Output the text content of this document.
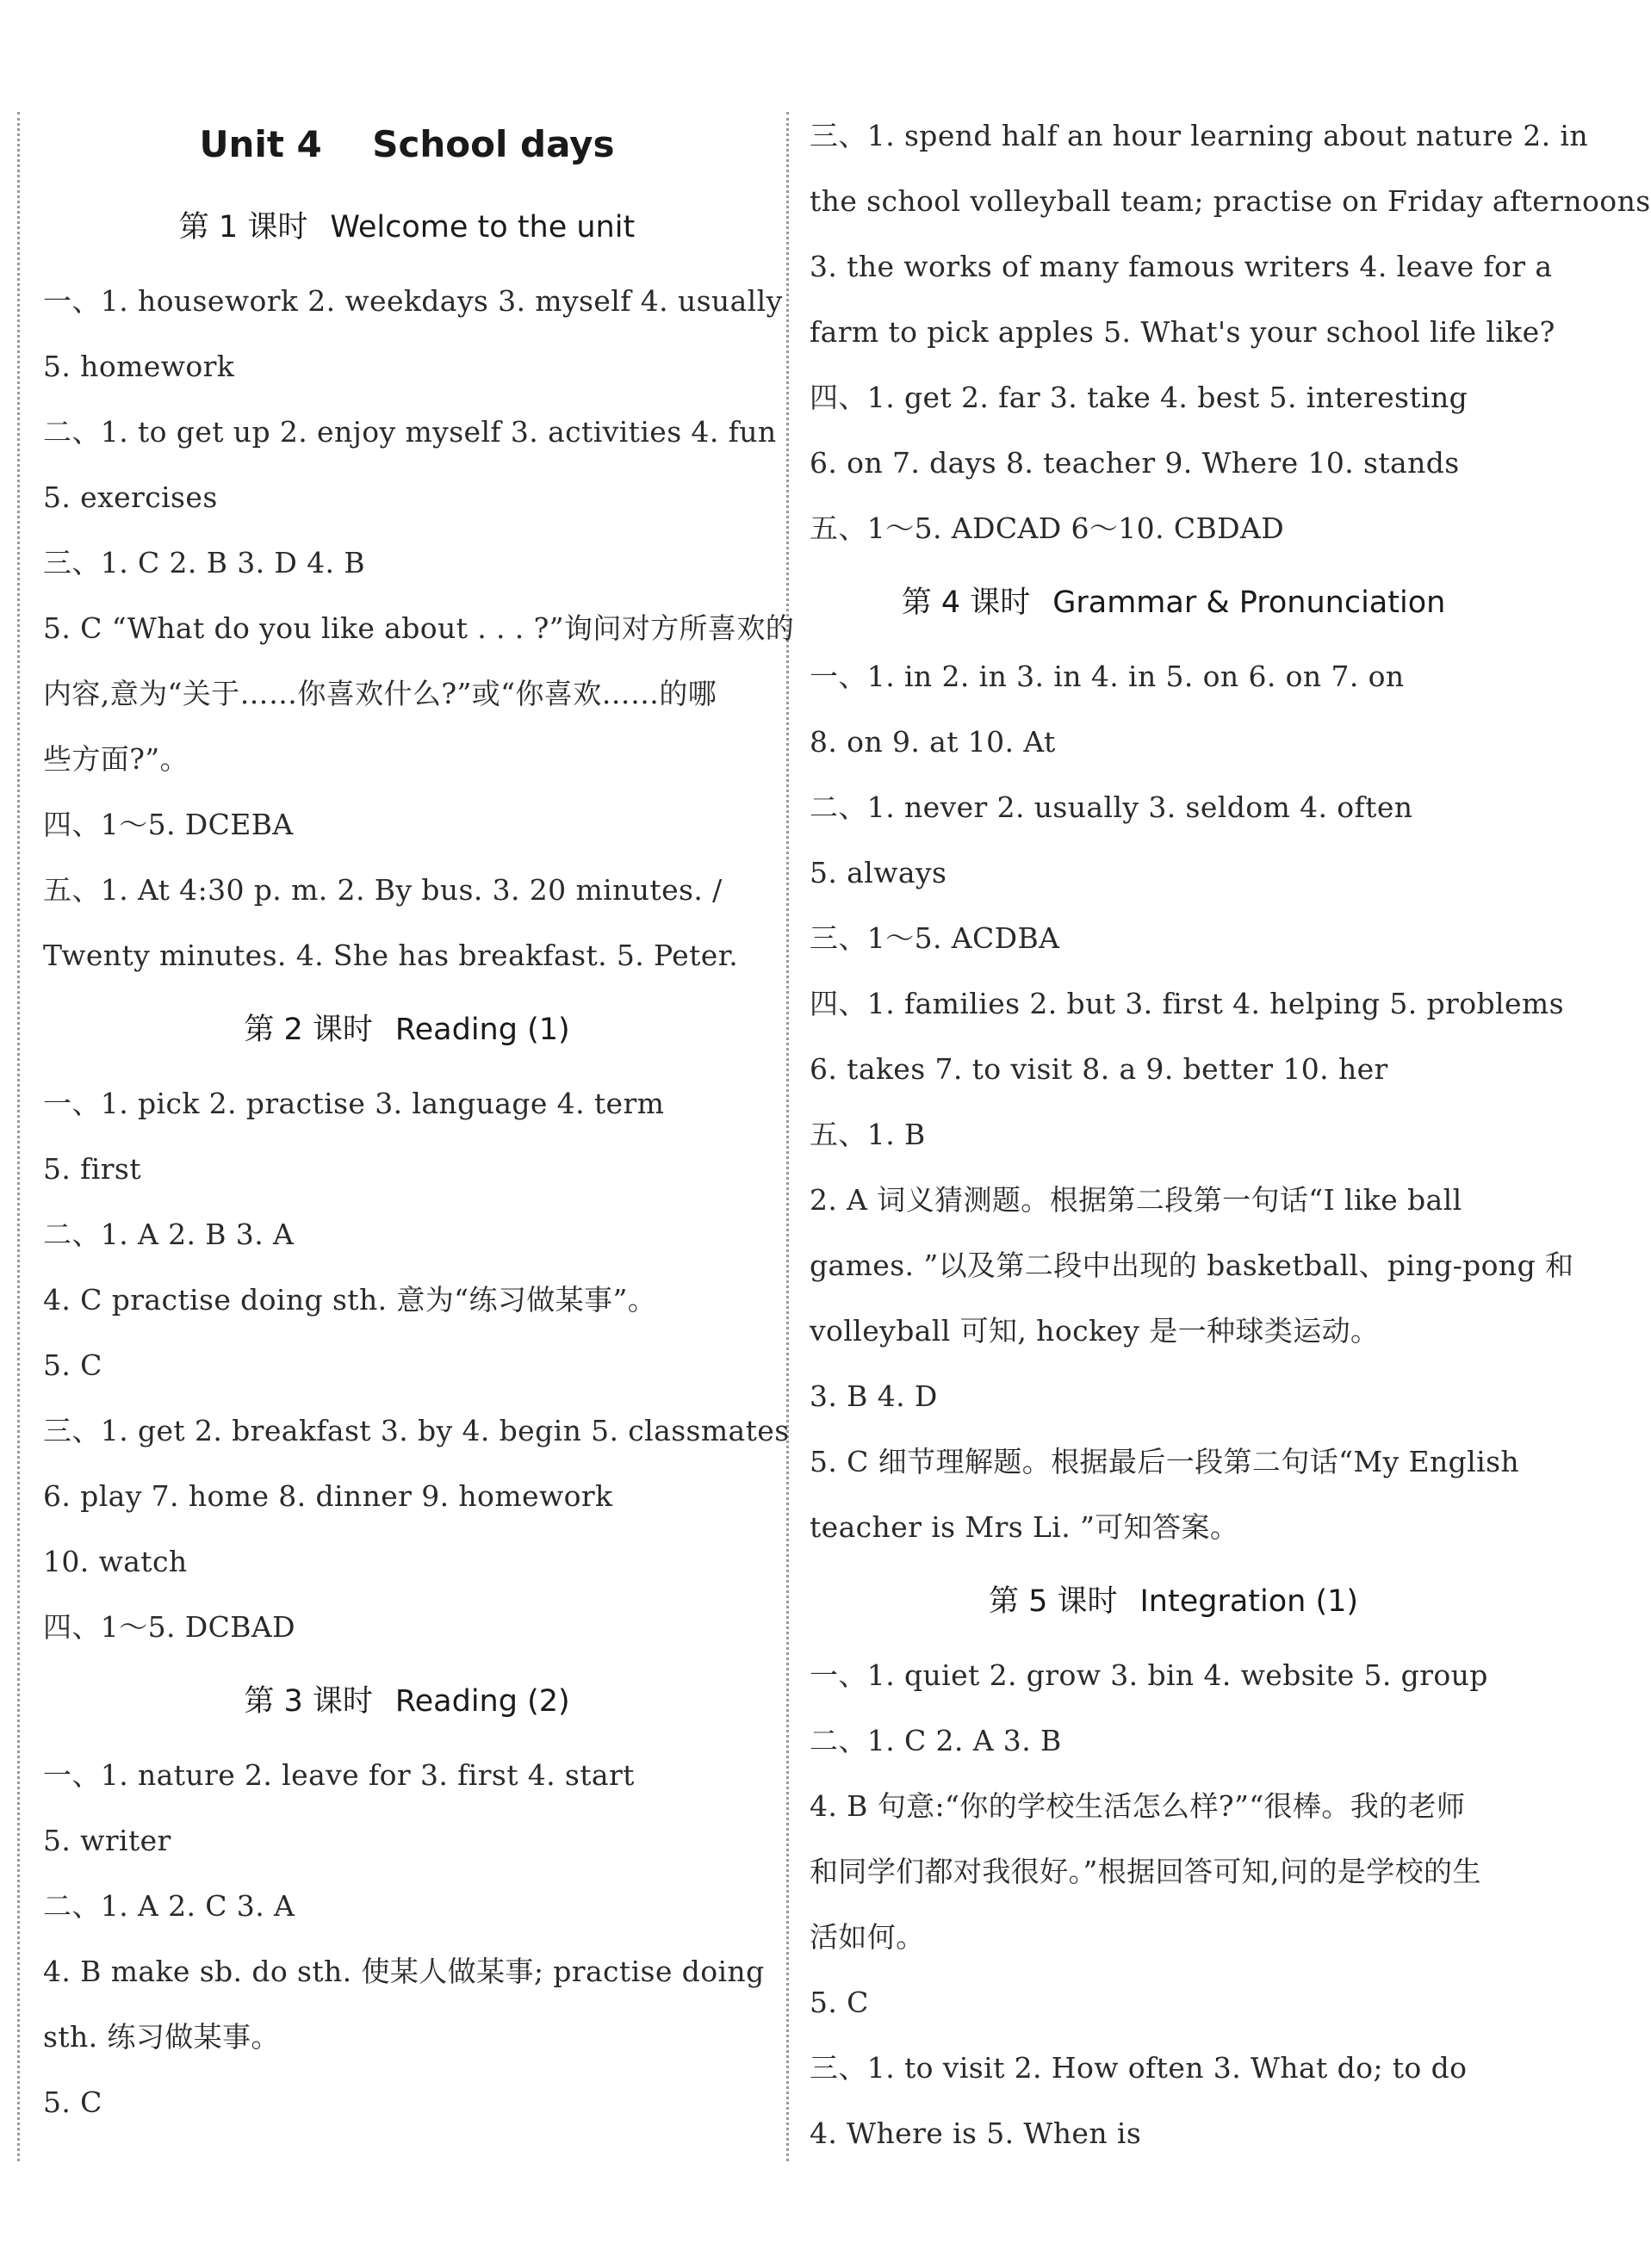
Unit 4    School days
第 1 课时 Welcome to the unit
一、1. housework 2. weekdays 3. myself 4. usually
5. homework
二、1. to get up 2. enjoy myself 3. activities 4. fun
5. exercises
三、1. C 2. B 3. D 4. B
5. C “What do you like about . . . ?”询问对方所喜欢的
内容,意为“关于……你喜欢什么?”或“你喜欢……的哪
些方面?”。
四、1～5. DCEBA
五、1. At 4:30 p. m. 2. By bus. 3. 20 minutes. /
Twenty minutes. 4. She has breakfast. 5. Peter.
第 2 课时 Reading (1)
一、1. pick 2. practise 3. language 4. term
5. first
二、1. A 2. B 3. A
4. C practise doing sth. 意为“练习做某事”。
5. C
三、1. get 2. breakfast 3. by 4. begin 5. classmates
6. play 7. home 8. dinner 9. homework
10. watch
四、1～5. DCBAD
第 3 课时 Reading (2)
一、1. nature 2. leave for 3. first 4. start
5. writer
二、1. A 2. C 3. A
4. B make sb. do sth. 使某人做某事; practise doing
sth. 练习做某事。
5. C
三、1. spend half an hour learning about nature 2. in
the school volleyball team; practise on Friday afternoons
3. the works of many famous writers 4. leave for a
farm to pick apples 5. What's your school life like?
四、1. get 2. far 3. take 4. best 5. interesting
6. on 7. days 8. teacher 9. Where 10. stands
五、1～5. ADCAD 6～10. CBDAD
第 4 课时 Grammar & Pronunciation
一、1. in 2. in 3. in 4. in 5. on 6. on 7. on
8. on 9. at 10. At
二、1. never 2. usually 3. seldom 4. often
5. always
三、1～5. ACDBA
四、1. families 2. but 3. first 4. helping 5. problems
6. takes 7. to visit 8. a 9. better 10. her
五、1. B
2. A 词义猜测题。根据第二段第一句话“I like ball
games. ”以及第二段中出现的 basketball、ping-pong 和
volleyball 可知, hockey 是一种球类运动。
3. B 4. D
5. C 细节理解题。根据最后一段第二句话“My English
teacher is Mrs Li. ”可知答案。
第 5 课时 Integration (1)
一、1. quiet 2. grow 3. bin 4. website 5. group
二、1. C 2. A 3. B
4. B 句意:“你的学校生活怎么样?”“很棒。我的老师
和同学们都对我很好。”根据回答可知,问的是学校的生
活如何。
5. C
三、1. to visit 2. How often 3. What do; to do
4. Where is 5. When is
